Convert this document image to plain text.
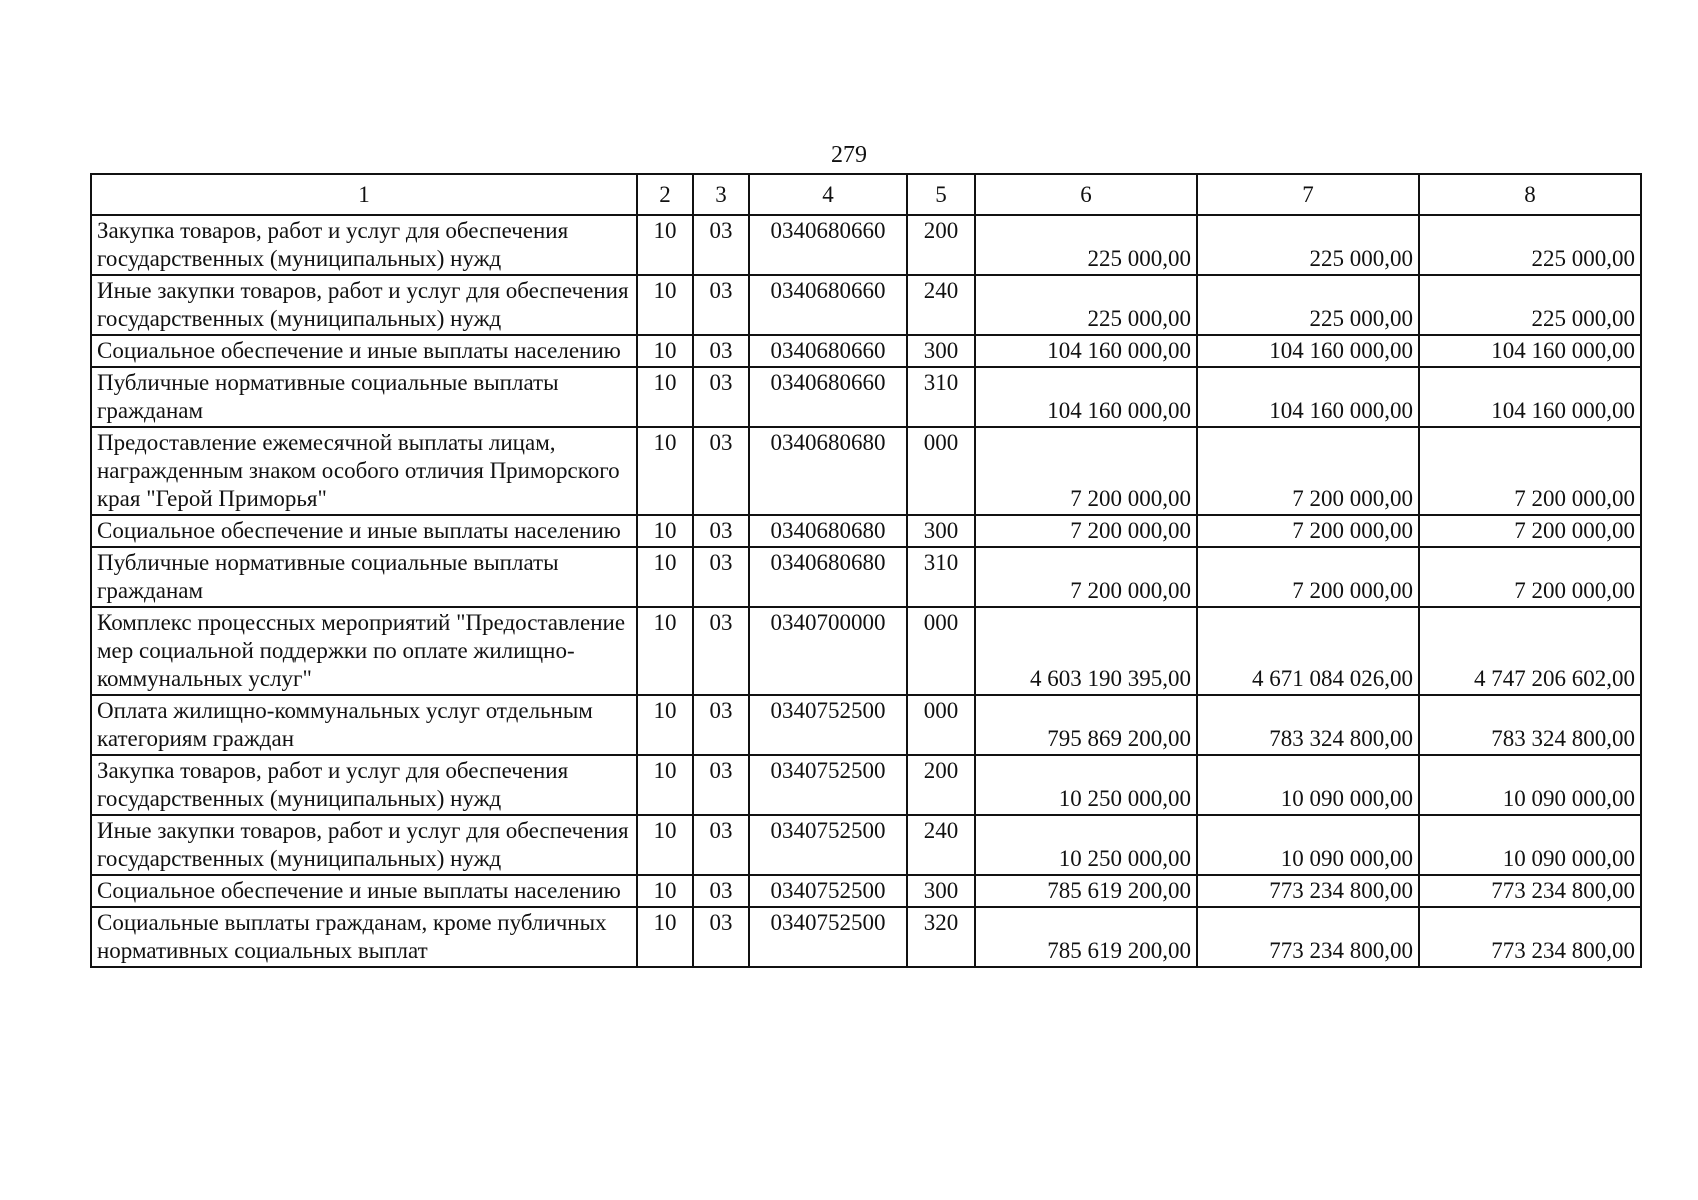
279
1	2	3	4	5	6	7	8
Закупка товаров, работ и услуг для обеспечения государственных (муниципальных) нужд	10	03	0340680660	200	225 000,00	225 000,00	225 000,00
Иные закупки товаров, работ и услуг для обеспечения государственных (муниципальных) нужд	10	03	0340680660	240	225 000,00	225 000,00	225 000,00
Социальное обеспечение и иные выплаты населению	10	03	0340680660	300	104 160 000,00	104 160 000,00	104 160 000,00
Публичные нормативные социальные выплаты гражданам	10	03	0340680660	310	104 160 000,00	104 160 000,00	104 160 000,00
Предоставление ежемесячной выплаты лицам, награжденным знаком особого отличия Приморского края "Герой Приморья"	10	03	0340680680	000	7 200 000,00	7 200 000,00	7 200 000,00
Социальное обеспечение и иные выплаты населению	10	03	0340680680	300	7 200 000,00	7 200 000,00	7 200 000,00
Публичные нормативные социальные выплаты гражданам	10	03	0340680680	310	7 200 000,00	7 200 000,00	7 200 000,00
Комплекс процессных мероприятий "Предоставление мер социальной поддержки по оплате жилищно-коммунальных услуг"	10	03	0340700000	000	4 603 190 395,00	4 671 084 026,00	4 747 206 602,00
Оплата жилищно-коммунальных услуг отдельным категориям граждан	10	03	0340752500	000	795 869 200,00	783 324 800,00	783 324 800,00
Закупка товаров, работ и услуг для обеспечения государственных (муниципальных) нужд	10	03	0340752500	200	10 250 000,00	10 090 000,00	10 090 000,00
Иные закупки товаров, работ и услуг для обеспечения государственных (муниципальных) нужд	10	03	0340752500	240	10 250 000,00	10 090 000,00	10 090 000,00
Социальное обеспечение и иные выплаты населению	10	03	0340752500	300	785 619 200,00	773 234 800,00	773 234 800,00
Социальные выплаты гражданам, кроме публичных нормативных социальных выплат	10	03	0340752500	320	785 619 200,00	773 234 800,00	773 234 800,00
